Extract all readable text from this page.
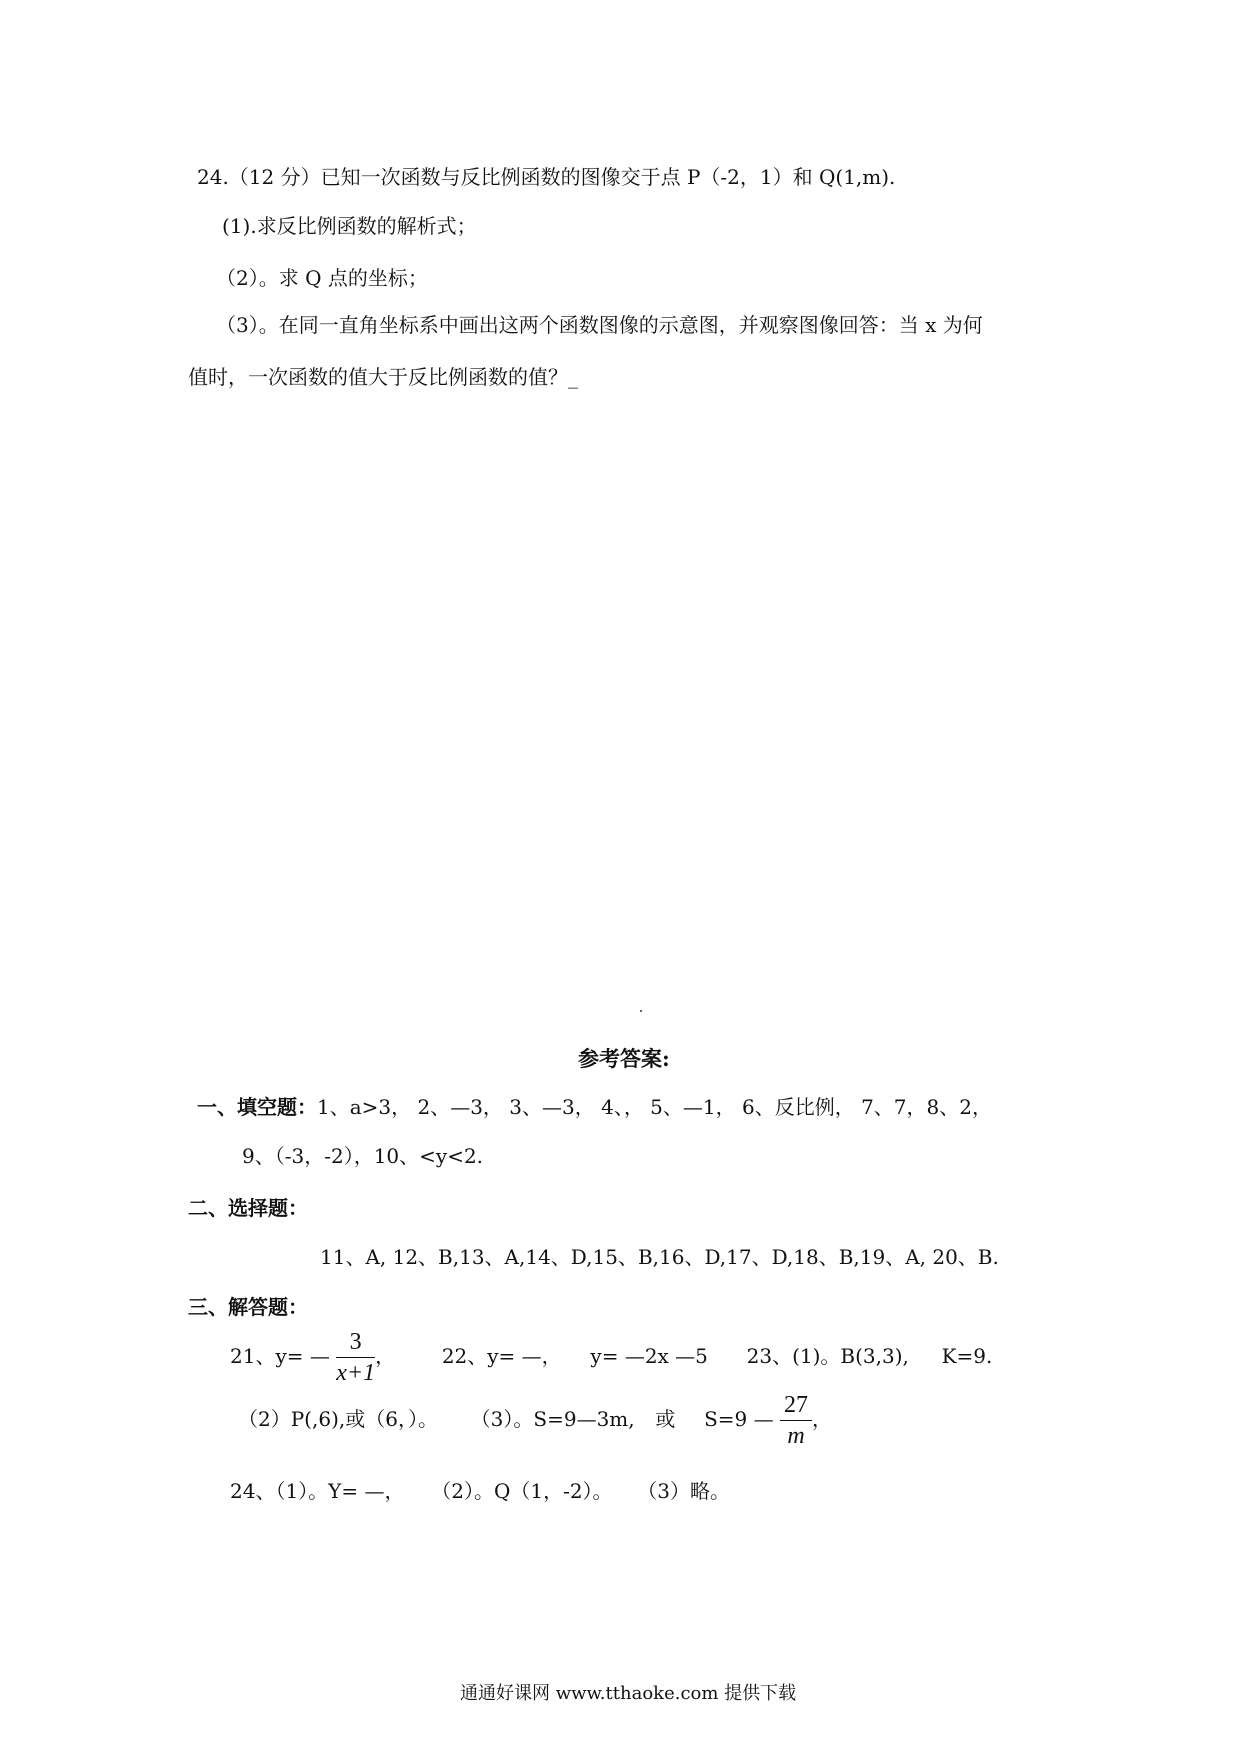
24.（12 分）已知一次函数与反比例函数的图像交于点 P（-2，1）和 Q(1,m).
(1).求反比例函数的解析式；
（2）。求 Q 点的坐标；
（3）。在同一直角坐标系中画出这两个函数图像的示意图，并观察图像回答：当 x 为何
值时，一次函数的值大于反比例函数的值？_
参考答案:
一、填空题：1、a>3， 2、—3， 3、—3， 4、， 5、—1， 6、反比例， 7、7，8、2，
9、（-3，-2），10、<y<2.
二、选择题：
11、A, 12、B,13、A,14、D,15、B,16、D,17、D,18、B,19、A, 20、B.
三、解答题：
21、y= — $\frac{3}{x+1}$ ， 22、y= —， y= —2x —5 23、(1)。B(3,3), K=9.
（2）P(,6),或（6，）。 （3）。S=9—3m, 或 S=9 — $\frac{27}{m}$ ，
24、（1）。Y= —， （2）。Q（1，-2）。 （3）略。
通通好课网 www.tthaoke.com 提供下载
